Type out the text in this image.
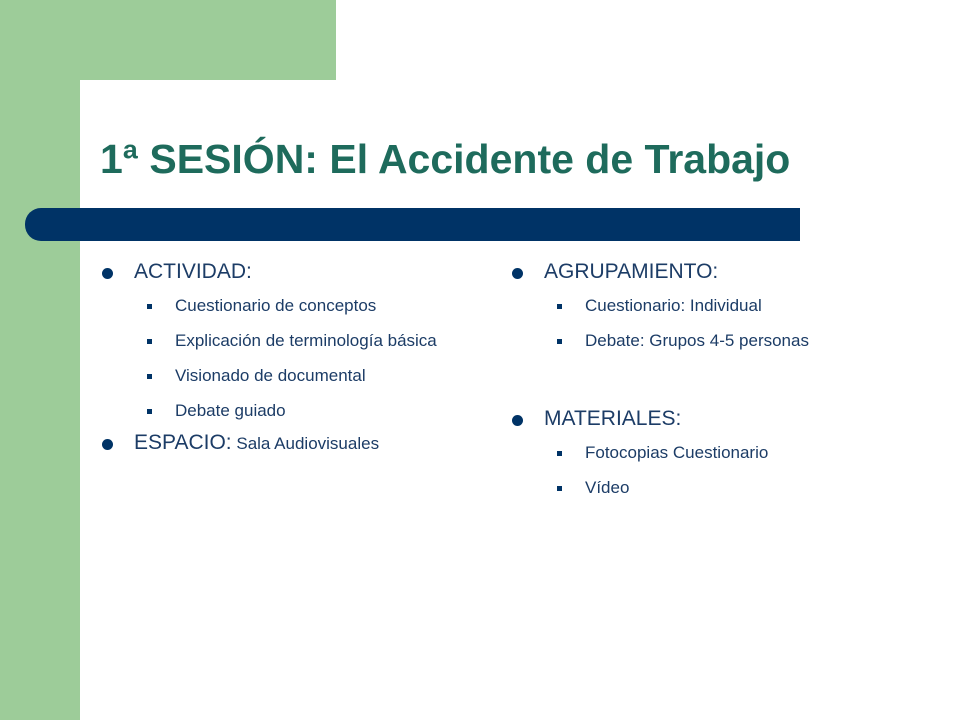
1ª SESIÓN: El Accidente de Trabajo
ACTIVIDAD:
Cuestionario de conceptos
Explicación de terminología básica
Visionado de documental
Debate guiado
ESPACIO: Sala Audiovisuales
AGRUPAMIENTO:
Cuestionario: Individual
Debate: Grupos 4-5 personas
MATERIALES:
Fotocopias Cuestionario
Vídeo
